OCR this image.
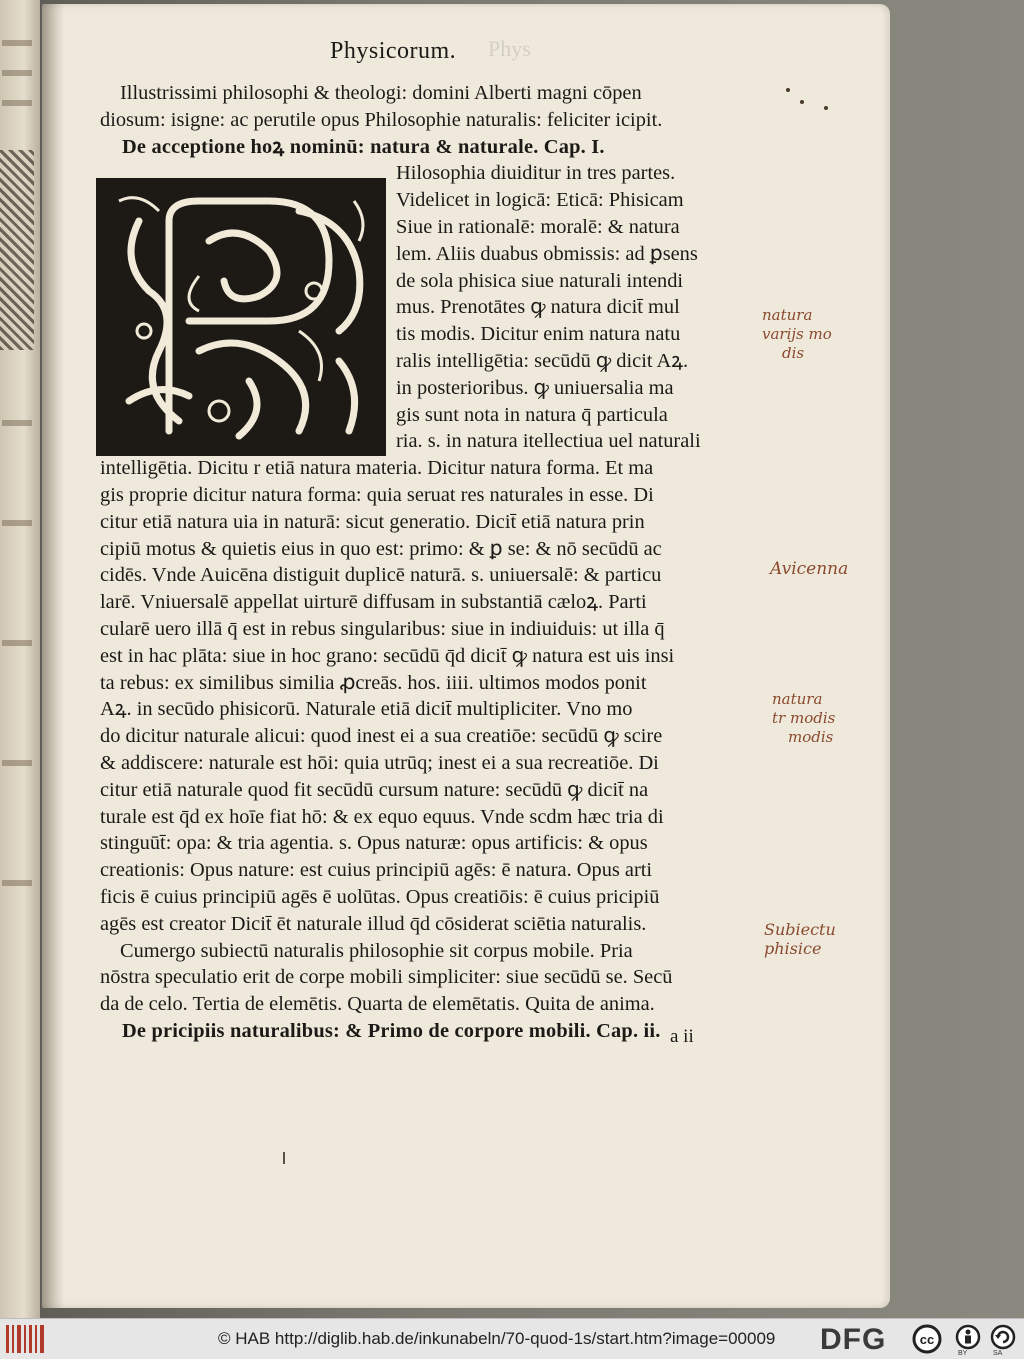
Physicorum. Phys
Illustrissimi philosophi & theologi: domini Alberti magni cōpen
diosum: isigne: ac perutile opus Philosophie naturalis: feliciter icipit.
De acceptione hoꝝ nominū: natura & naturale. Cap. I.
Hilosophia diuiditur in tres partes.
Videlicet in logicā: Eticā: Phisicam
Siue in rationalē: moralē: & natura
lem. Aliis duabus obmissis: ad ꝑsens
de sola phisica siue naturali intendi
mus. Prenotātes ꝙ natura dicit̄ mul
tis modis. Dicitur enim natura natu
ralis intelligētia: secūdū ꝙ dicit Aꝝ.
in posterioribus. ꝙ uniuersalia ma
gis sunt nota in natura q̄ particula
ria. s. in natura itellectiua uel naturali
intelligētia. Dicitu r etiā natura materia. Dicitur natura forma. Et ma
gis proprie dicitur natura forma: quia seruat res naturales in esse. Di
citur etiā natura uia in naturā: sicut generatio. Dicit̄ etiā natura prin
cipiū motus & quietis eius in quo est: primo: & ꝑ se: & nō secūdū ac
cidēs. Vnde Auicēna distiguit duplicē naturā. s. uniuersalē: & particu
larē. Vniuersalē appellat uirturē diffusam in substantiā cæloꝝ. Parti
cularē uero illā q̄ est in rebus singularibus: siue in indiuiduis: ut illa q̄
est in hac plāta: siue in hoc grano: secūdū q̄d dicit̄ ꝙ natura est uis insi
ta rebus: ex similibus similia ꝓcreās. hos. iiii. ultimos modos ponit
Aꝝ. in secūdo phisicorū. Naturale etiā dicit̄ multipliciter. Vno mo
do dicitur naturale alicui: quod inest ei a sua creatiōe: secūdū ꝙ scire
& addiscere: naturale est hōi: quia utrūq; inest ei a sua recreatiōe. Di
citur etiā naturale quod fit secūdū cursum nature: secūdū ꝙ dicit̄ na
turale est q̄d ex hoīe fiat hō: & ex equo equus. Vnde scdm hæc tria di
stinguūt̄: opa: & tria agentia. s. Opus naturæ: opus artificis: & opus
creationis: Opus nature: est cuius principiū agēs: ē natura. Opus arti
ficis ē cuius principiū agēs ē uolūtas. Opus creatiōis: ē cuius pricipiū
agēs est creator Dicit̄ ēt naturale illud q̄d cōsiderat sciētia naturalis.
Cumergo subiectū naturalis philosophie sit corpus mobile. Pria
nōstra speculatio erit de corpe mobili simpliciter: siue secūdū se. Secū
da de celo. Tertia de elemētis. Quarta de elemētatis. Quita de anima.
De pricipiis naturalibus: & Primo de corpore mobili. Cap. ii. a ii
natura
varijs mo
dis
Avicenna
natura
tr modis
modis
Subiectu
phisice
© HAB http://diglib.hab.de/inkunabeln/70-quod-1s/start.htm?image=00009 DFG	cc
BY	SA
